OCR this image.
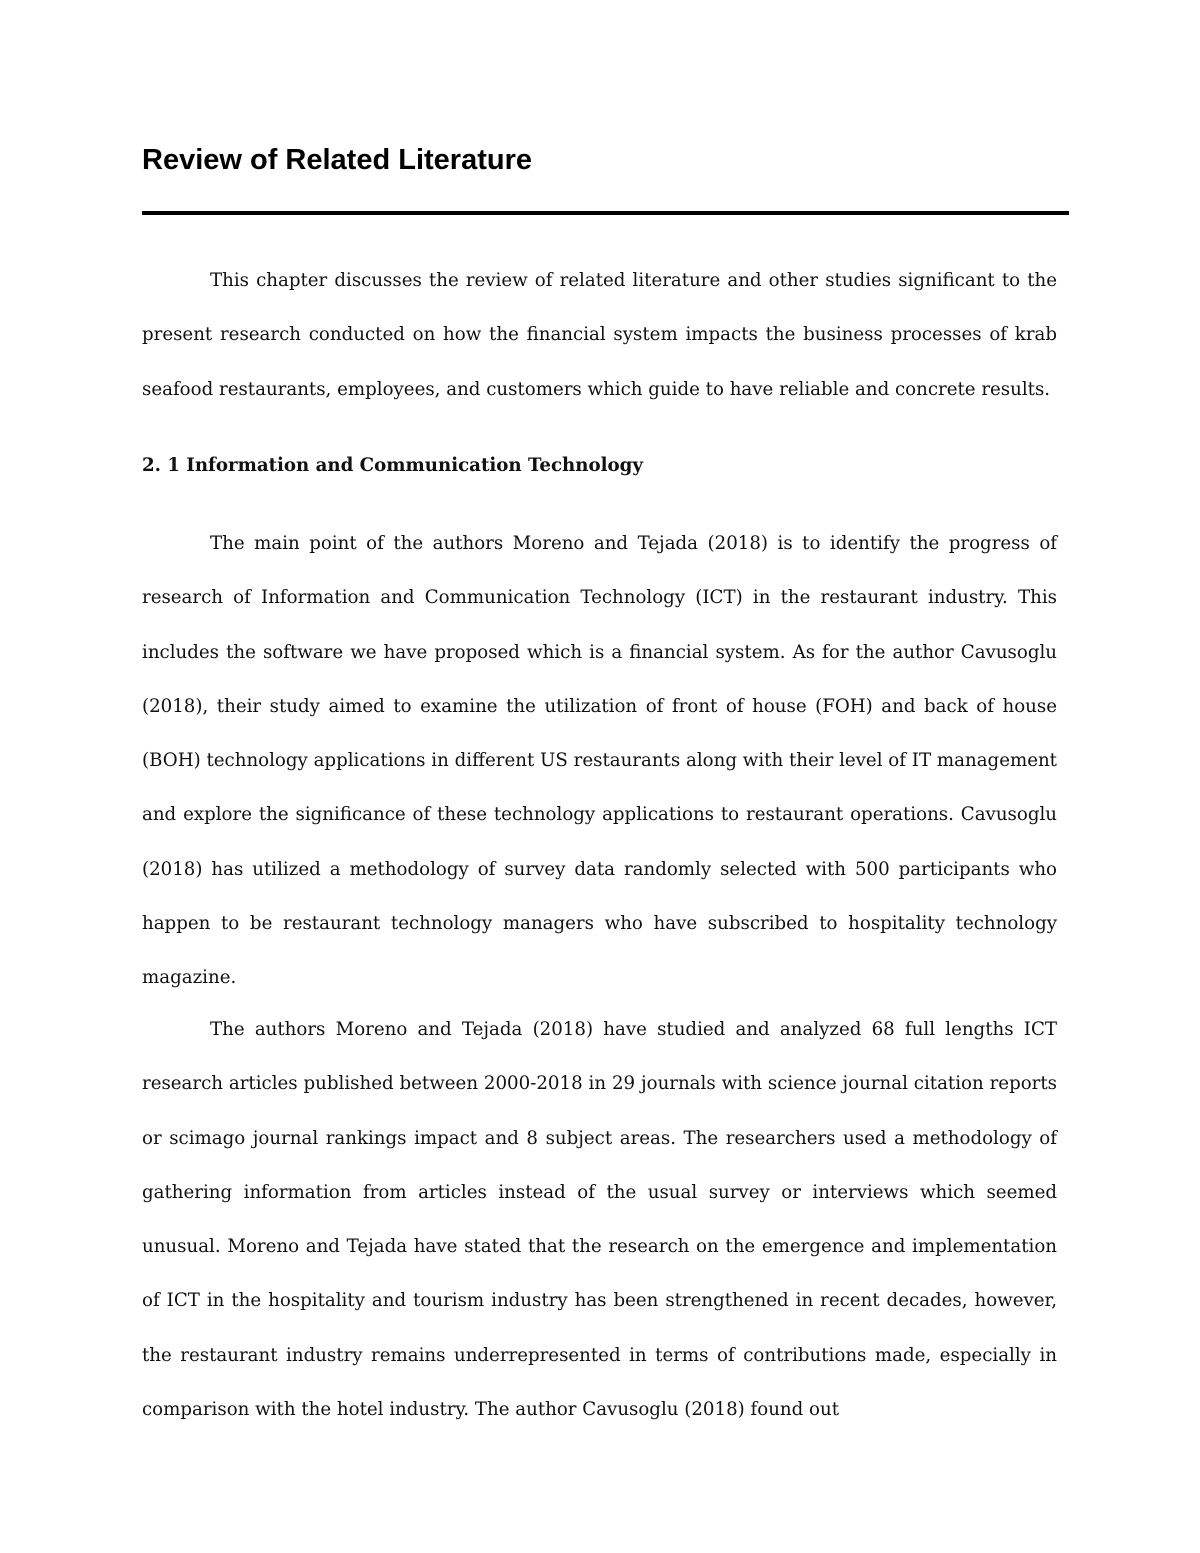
Review of Related Literature

This chapter discusses the review of related literature and other studies significant to the present research conducted on how the financial system impacts the business processes of krab seafood restaurants, employees, and customers which guide to have reliable and concrete results.

2. 1 Information and Communication Technology

The main point of the authors Moreno and Tejada (2018) is to identify the progress of research of Information and Communication Technology (ICT) in the restaurant industry. This includes the software we have proposed which is a financial system. As for the author Cavusoglu (2018), their study aimed to examine the utilization of front of house (FOH) and back of house (BOH) technology applications in different US restaurants along with their level of IT management and explore the significance of these technology applications to restaurant operations. Cavusoglu (2018) has utilized a methodology of survey data randomly selected with 500 participants who happen to be restaurant technology managers who have subscribed to hospitality technology magazine.

The authors Moreno and Tejada (2018) have studied and analyzed 68 full lengths ICT research articles published between 2000-2018 in 29 journals with science journal citation reports or scimago journal rankings impact and 8 subject areas. The researchers used a methodology of gathering information from articles instead of the usual survey or interviews which seemed unusual. Moreno and Tejada have stated that the research on the emergence and implementation of ICT in the hospitality and tourism industry has been strengthened in recent decades, however, the restaurant industry remains underrepresented in terms of contributions made, especially in comparison with the hotel industry. The author Cavusoglu (2018) found out
